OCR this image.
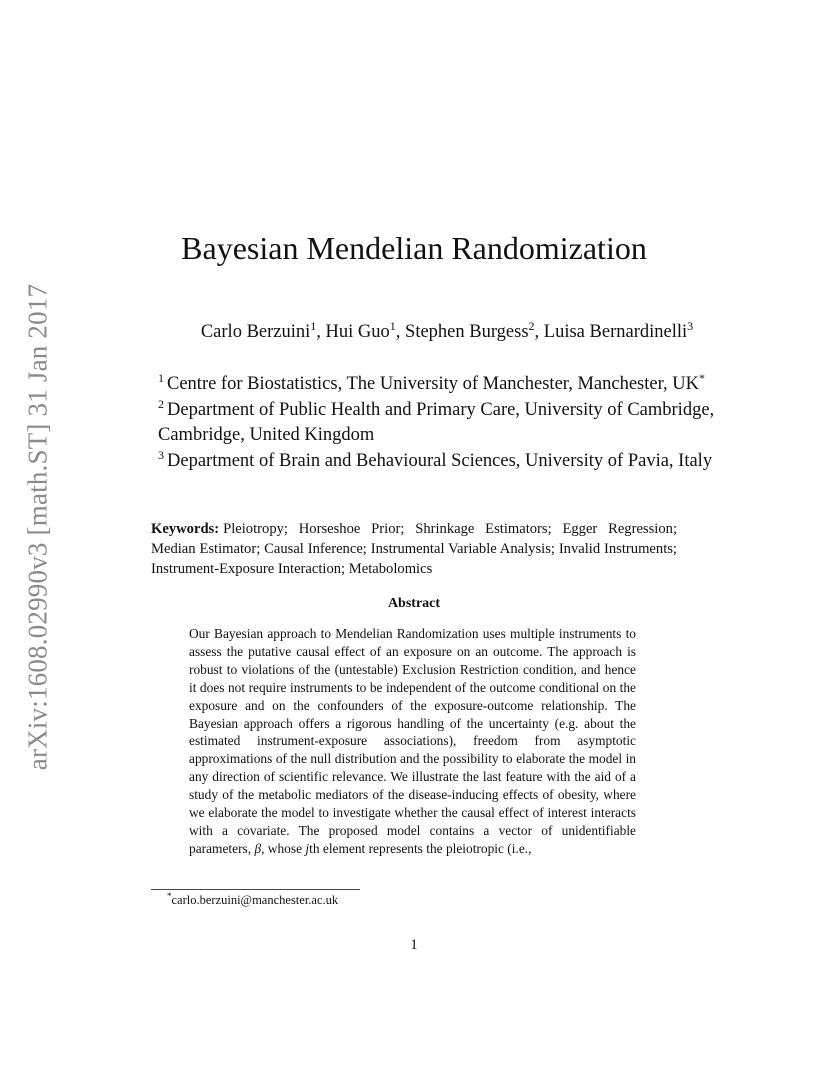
arXiv:1608.02990v3 [math.ST] 31 Jan 2017
Bayesian Mendelian Randomization
Carlo Berzuini$^1$, Hui Guo$^1$, Stephen Burgess$^2$, Luisa Bernardinelli$^3$
$^1$ Centre for Biostatistics, The University of Manchester, Manchester, UK*
$^2$ Department of Public Health and Primary Care, University of Cambridge,
Cambridge, United Kingdom
$^3$ Department of Brain and Behavioural Sciences, University of Pavia, Italy
Keywords: Pleiotropy; Horseshoe Prior; Shrinkage Estimators; Egger Regression; Median Estimator; Causal Inference; Instrumental Variable Analysis; Invalid Instruments; Instrument-Exposure Interaction; Metabolomics
Abstract
Our Bayesian approach to Mendelian Randomization uses multiple instruments to assess the putative causal effect of an exposure on an outcome. The approach is robust to violations of the (untestable) Exclusion Restriction condition, and hence it does not require instruments to be independent of the outcome conditional on the exposure and on the confounders of the exposure-outcome relationship. The Bayesian approach offers a rigorous handling of the uncertainty (e.g. about the estimated instrument-exposure associations), freedom from asymptotic approximations of the null distribution and the possibility to elaborate the model in any direction of scientific relevance. We illustrate the last feature with the aid of a study of the metabolic mediators of the disease-inducing effects of obesity, where we elaborate the model to investigate whether the causal effect of interest interacts with a covariate. The proposed model contains a vector of unidentifiable parameters, β, whose jth element represents the pleiotropic (i.e.,
*carlo.berzuini@manchester.ac.uk
1
